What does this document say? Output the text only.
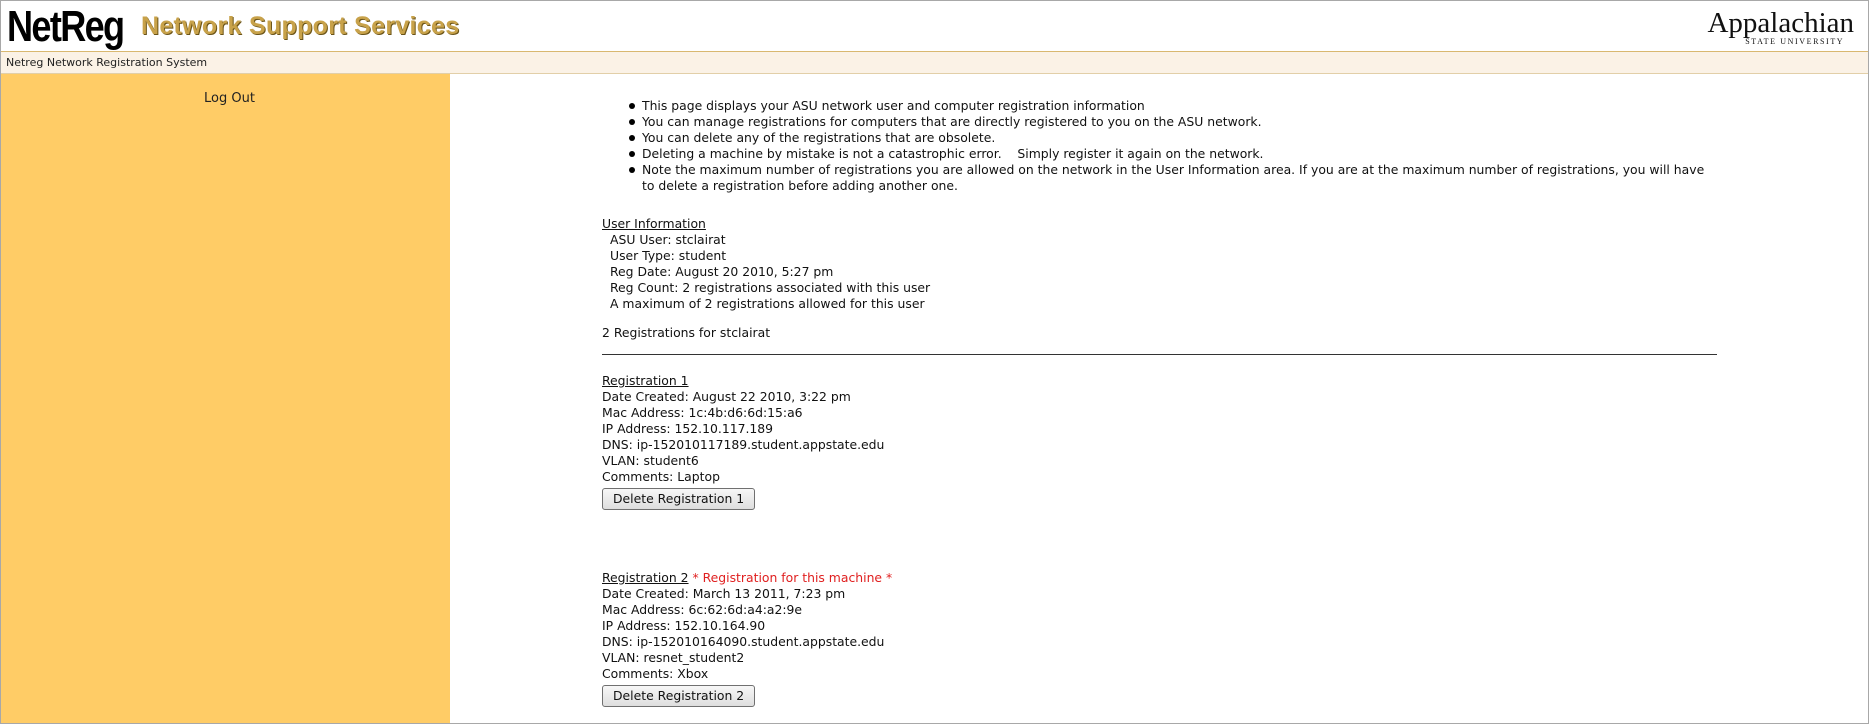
NetReg Network Support Services	Appalachian
STATE UNIVERSITY
Netreg Network Registration System
Log Out	This page displays your ASU network user and computer registration information
You can manage registrations for computers that are directly registered to you on the ASU network.
You can delete any of the registrations that are obsolete.
Deleting a machine by mistake is not a catastrophic error.    Simply register it again on the network.
Note the maximum number of registrations you are allowed on the network in the User Information area. If you are at the maximum number of registrations, you will have to delete a registration before adding another one.
User Information
ASU User: stclairat
User Type: student
Reg Date: August 20 2010, 5:27 pm
Reg Count: 2 registrations associated with this user
A maximum of 2 registrations allowed for this user
2 Registrations for stclairat
Registration 1
Date Created: August 22 2010, 3:22 pm
Mac Address: 1c:4b:d6:6d:15:a6
IP Address: 152.10.117.189
DNS: ip-152010117189.student.appstate.edu
VLAN: student6
Comments: Laptop
Delete Registration 1
Registration 2 * Registration for this machine *
Date Created: March 13 2011, 7:23 pm
Mac Address: 6c:62:6d:a4:a2:9e
IP Address: 152.10.164.90
DNS: ip-152010164090.student.appstate.edu
VLAN: resnet_student2
Comments: Xbox
Delete Registration 2
